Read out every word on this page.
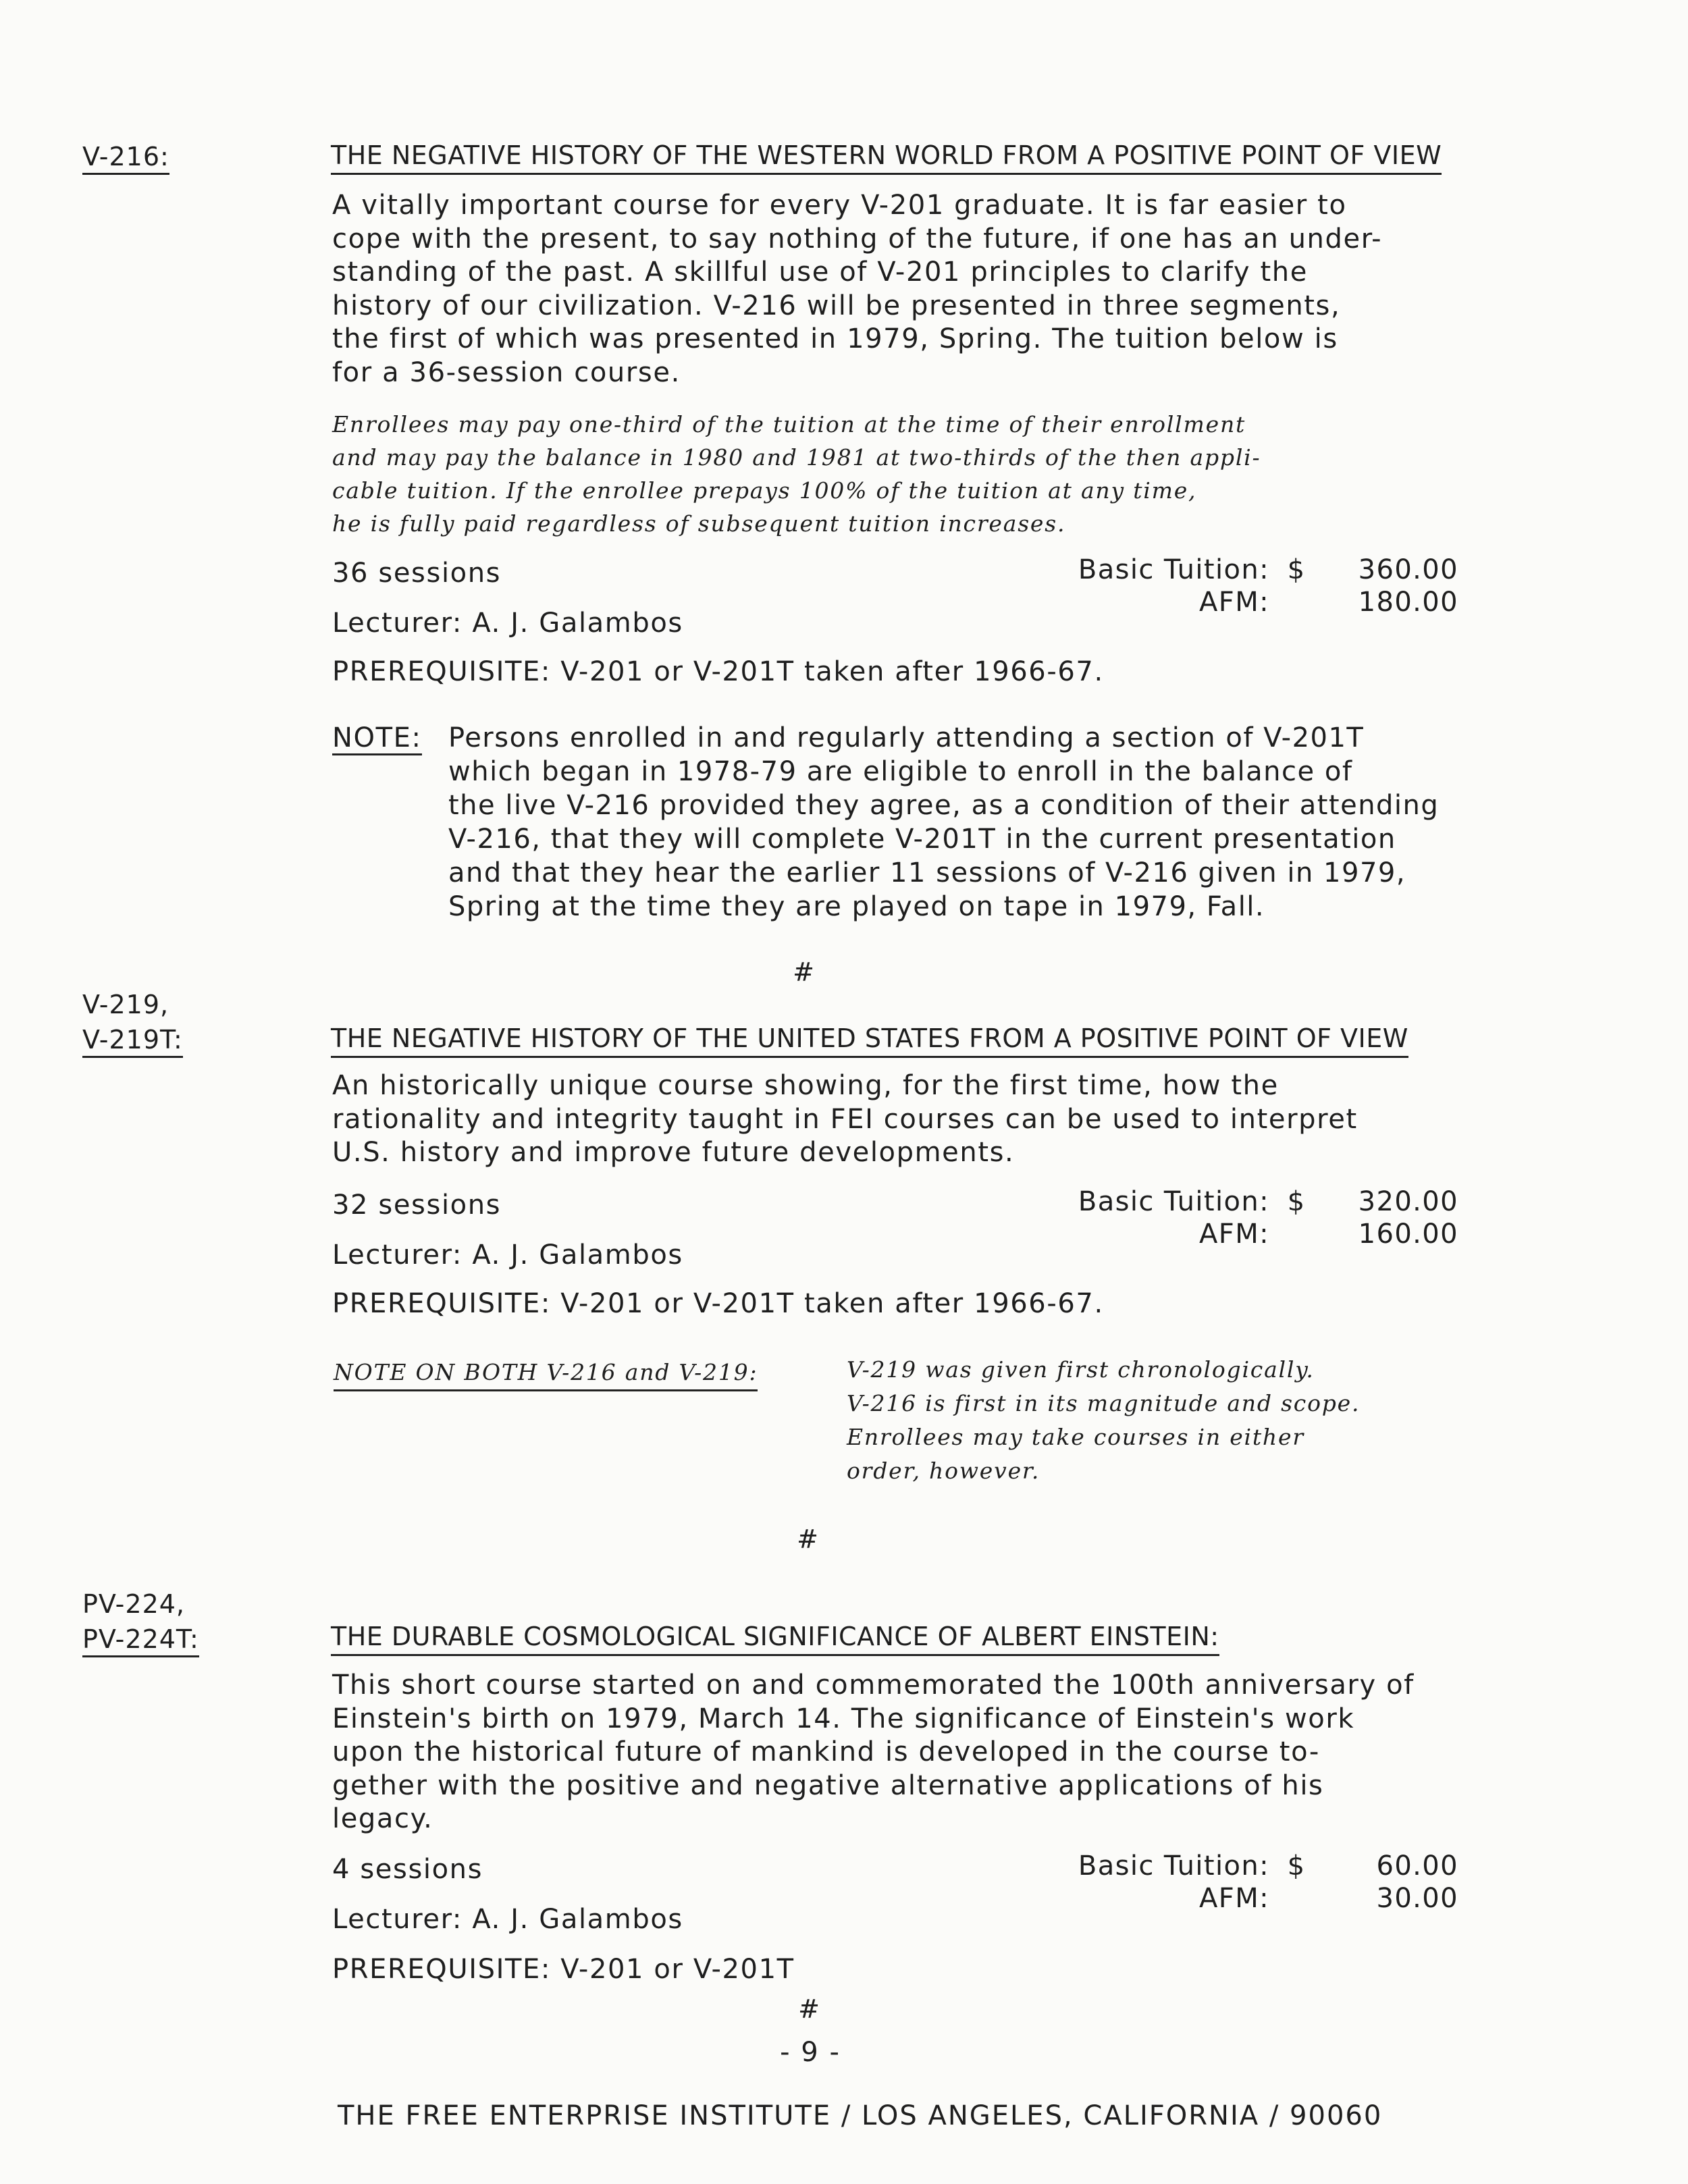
V-216:	THE NEGATIVE HISTORY OF THE WESTERN WORLD FROM A POSITIVE POINT OF VIEW
A vitally important course for every V-201 graduate. It is far easier to
cope with the present, to say nothing of the future, if one has an under-
standing of the past. A skillful use of V-201 principles to clarify the
history of our civilization. V-216 will be presented in three segments,
the first of which was presented in 1979, Spring. The tuition below is
for a 36-session course.
Enrollees may pay one-third of the tuition at the time of their enrollment
and may pay the balance in 1980 and 1981 at two-thirds of the then appli-
cable tuition. If the enrollee prepays 100% of the tuition at any time,
he is fully paid regardless of subsequent tuition increases.
36 sessions	Basic Tuition: $	360.00
AFM:	180.00
Lecturer: A. J. Galambos
PREREQUISITE: V-201 or V-201T taken after 1966-67.
NOTE: Persons enrolled in and regularly attending a section of V-201T
which began in 1978-79 are eligible to enroll in the balance of
the live V-216 provided they agree, as a condition of their attending
V-216, that they will complete V-201T in the current presentation
and that they hear the earlier 11 sessions of V-216 given in 1979,
Spring at the time they are played on tape in 1979, Fall.
#
V-219,
V-219T:	THE NEGATIVE HISTORY OF THE UNITED STATES FROM A POSITIVE POINT OF VIEW
An historically unique course showing, for the first time, how the
rationality and integrity taught in FEI courses can be used to interpret
U.S. history and improve future developments.
32 sessions	Basic Tuition: $	320.00
AFM:	160.00
Lecturer: A. J. Galambos
PREREQUISITE: V-201 or V-201T taken after 1966-67.
NOTE ON BOTH V-216 and V-219:	V-219 was given first chronologically.
V-216 is first in its magnitude and scope.
Enrollees may take courses in either
order, however.
#
PV-224,
PV-224T:	THE DURABLE COSMOLOGICAL SIGNIFICANCE OF ALBERT EINSTEIN:
This short course started on and commemorated the 100th anniversary of
Einstein's birth on 1979, March 14. The significance of Einstein's work
upon the historical future of mankind is developed in the course to-
gether with the positive and negative alternative applications of his
legacy.
4 sessions	Basic Tuition: $	60.00
AFM:	30.00
Lecturer: A. J. Galambos
PREREQUISITE: V-201 or V-201T
#
- 9 -
THE FREE ENTERPRISE INSTITUTE / LOS ANGELES, CALIFORNIA / 90060
